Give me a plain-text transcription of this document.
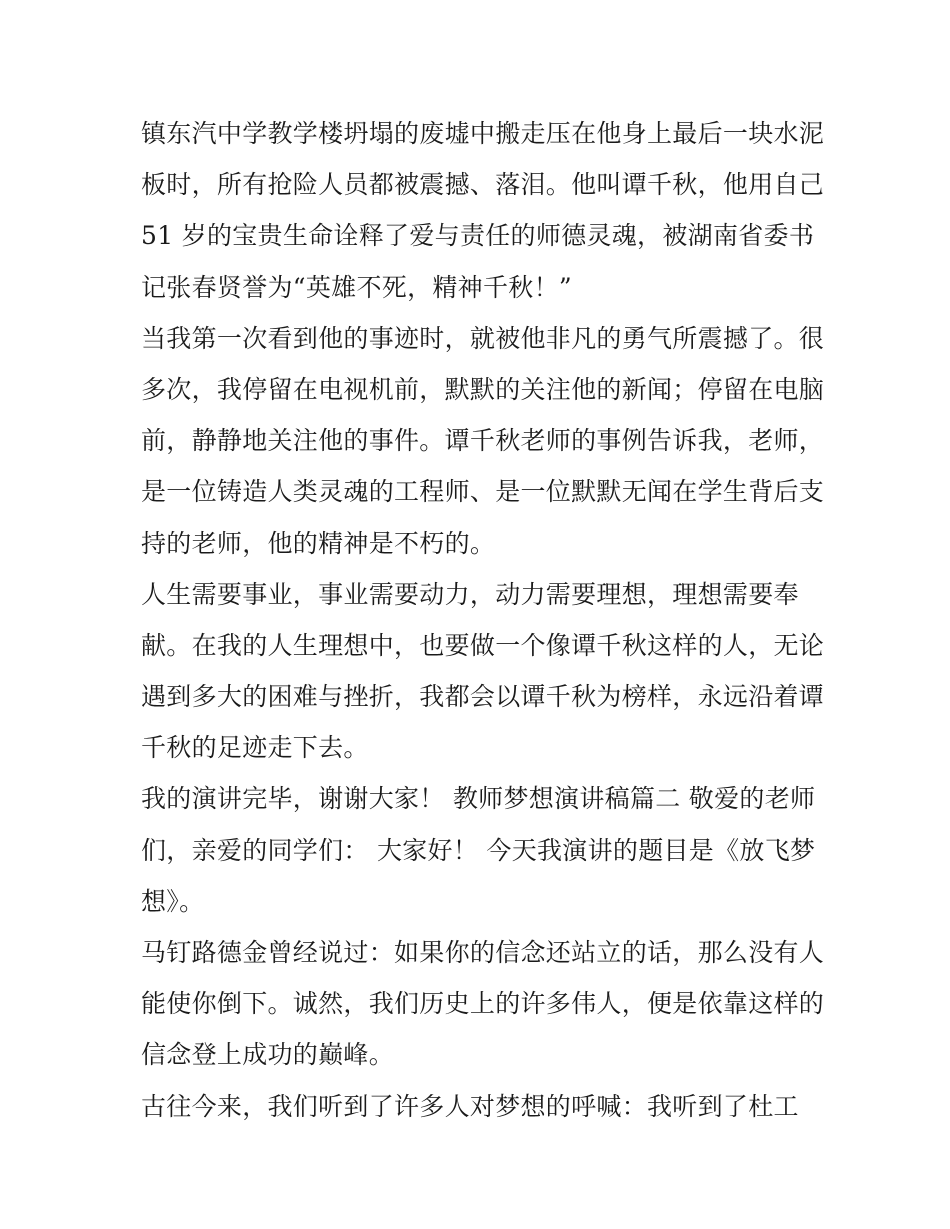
镇东汽中学教学楼坍塌的废墟中搬走压在他身上最后一块水泥
板时，所有抢险人员都被震撼、落泪。他叫谭千秋，他用自己
51 岁的宝贵生命诠释了爱与责任的师德灵魂，被湖南省委书
记张春贤誉为“英雄不死，精神千秋！”
当我第一次看到他的事迹时，就被他非凡的勇气所震撼了。很
多次，我停留在电视机前，默默的关注他的新闻；停留在电脑
前，静静地关注他的事件。谭千秋老师的事例告诉我，老师，
是一位铸造人类灵魂的工程师、是一位默默无闻在学生背后支
持的老师，他的精神是不朽的。
人生需要事业，事业需要动力，动力需要理想，理想需要奉
献。在我的人生理想中，也要做一个像谭千秋这样的人，无论
遇到多大的困难与挫折，我都会以谭千秋为榜样，永远沿着谭
千秋的足迹走下去。
我的演讲完毕，谢谢大家！ 教师梦想演讲稿篇二 敬爱的老师
们，亲爱的同学们： 大家好！ 今天我演讲的题目是《放飞梦
想》。
马钉路德金曾经说过：如果你的信念还站立的话，那么没有人
能使你倒下。诚然，我们历史上的许多伟人，便是依靠这样的
信念登上成功的巅峰。
古往今来，我们听到了许多人对梦想的呼喊：我听到了杜工
